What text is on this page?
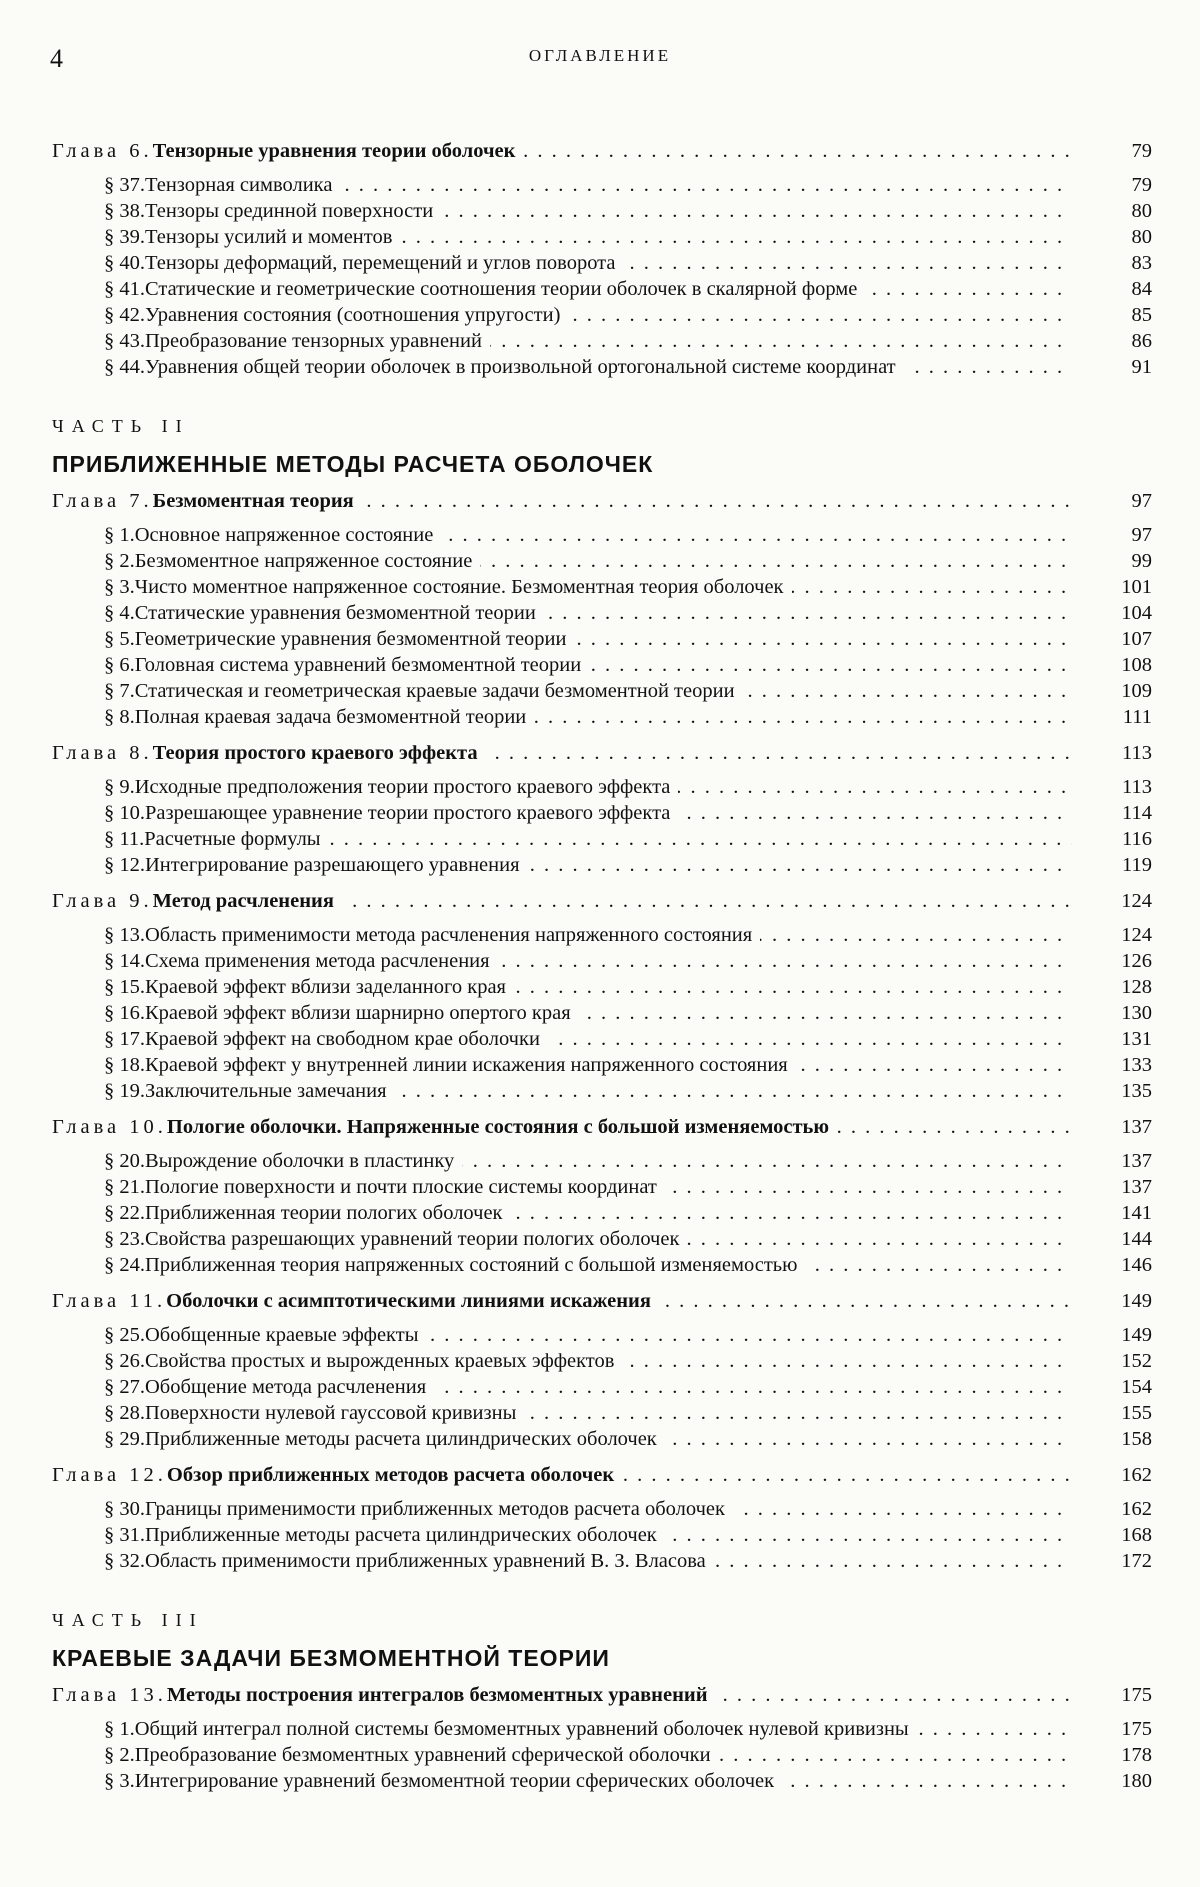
4	ОГЛАВЛЕНИЕ
Глава 6. Тензорные уравнения теории оболочек . . .	79
§ 37. Тензорная символика . . .	79
§ 38. Тензоры срединной поверхности . . .	80
§ 39. Тензоры усилий и моментов . . .	80
§ 40. Тензоры деформаций, перемещений и углов поворота . . .	83
§ 41. Статические и геометрические соотношения теории оболочек в скалярной форме . . .	84
§ 42. Уравнения состояния (соотношения упругости) . . .	85
§ 43. Преобразование тензорных уравнений . . .	86
§ 44. Уравнения общей теории оболочек в произвольной ортогональной системе координат . . .	91
ЧАСТЬ II
ПРИБЛИЖЕННЫЕ МЕТОДЫ РАСЧЕТА ОБОЛОЧЕК
Глава 7. Безмоментная теория . . .	97
§ 1. Основное напряженное состояние . . .	97
§ 2. Безмоментное напряженное состояние . . .	99
§ 3. Чисто моментное напряженное состояние. Безмоментная теория оболочек . . .	101
§ 4. Статические уравнения безмоментной теории . . .	104
§ 5. Геометрические уравнения безмоментной теории . . .	107
§ 6. Головная система уравнений безмоментной теории . . .	108
§ 7. Статическая и геометрическая краевые задачи безмоментной теории . . .	109
§ 8. Полная краевая задача безмоментной теории . . .	111
Глава 8. Теория простого краевого эффекта . . .	113
§ 9. Исходные предположения теории простого краевого эффекта . . .	113
§ 10. Разрешающее уравнение теории простого краевого эффекта . . .	114
§ 11. Расчетные формулы . . .	116
§ 12. Интегрирование разрешающего уравнения . . .	119
Глава 9. Метод расчленения . . .	124
§ 13. Область применимости метода расчленения напряженного состояния . . .	124
§ 14. Схема применения метода расчленения . . .	126
§ 15. Краевой эффект вблизи заделанного края . . .	128
§ 16. Краевой эффект вблизи шарнирно опертого края . . .	130
§ 17. Краевой эффект на свободном крае оболочки . . .	131
§ 18. Краевой эффект у внутренней линии искажения напряженного состояния . . .	133
§ 19. Заключительные замечания . . .	135
Глава 10. Пологие оболочки. Напряженные состояния с большой изменяемостью . . .	137
§ 20. Вырождение оболочки в пластинку . . .	137
§ 21. Пологие поверхности и почти плоские системы координат . . .	137
§ 22. Приближенная теории пологих оболочек . . .	141
§ 23. Свойства разрешающих уравнений теории пологих оболочек . . .	144
§ 24. Приближенная теория напряженных состояний с большой изменяемостью . . .	146
Глава 11. Оболочки с асимптотическими линиями искажения . . .	149
§ 25. Обобщенные краевые эффекты . . .	149
§ 26. Свойства простых и вырожденных краевых эффектов . . .	152
§ 27. Обобщение метода расчленения . . .	154
§ 28. Поверхности нулевой гауссовой кривизны . . .	155
§ 29. Приближенные методы расчета цилиндрических оболочек . . .	158
Глава 12. Обзор приближенных методов расчета оболочек . . .	162
§ 30. Границы применимости приближенных методов расчета оболочек . . .	162
§ 31. Приближенные методы расчета цилиндрических оболочек . . .	168
§ 32. Область применимости приближенных уравнений В. З. Власова . . .	172
ЧАСТЬ III
КРАЕВЫЕ ЗАДАЧИ БЕЗМОМЕНТНОЙ ТЕОРИИ
Глава 13. Методы построения интегралов безмоментных уравнений . . .	175
§ 1. Общий интеграл полной системы безмоментных уравнений оболочек нулевой кривизны . . .	175
§ 2. Преобразование безмоментных уравнений сферической оболочки . . .	178
§ 3. Интегрирование уравнений безмоментной теории сферических оболочек . . .	180
